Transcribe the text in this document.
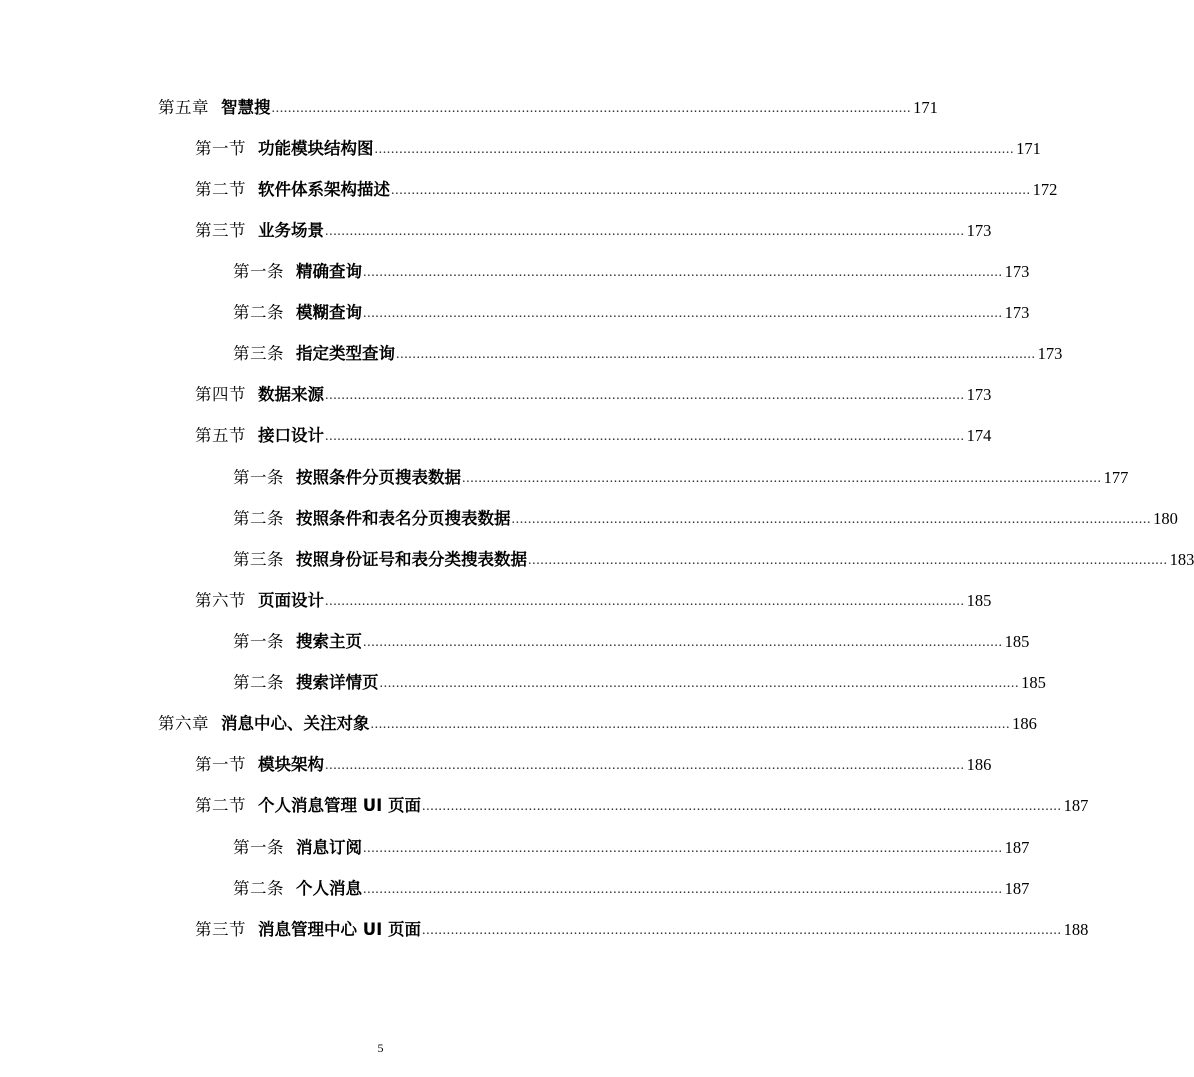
第五章 智慧搜 ............................................................................................................................................................ 171
第一节 功能模块结构图 ............................................................................................................................................................ 171
第二节 软件体系架构描述 ............................................................................................................................................................ 172
第三节 业务场景 ............................................................................................................................................................ 173
第一条 精确查询 ............................................................................................................................................................ 173
第二条 模糊查询 ............................................................................................................................................................ 173
第三条 指定类型查询 ............................................................................................................................................................ 173
第四节 数据来源 ............................................................................................................................................................ 173
第五节 接口设计 ............................................................................................................................................................ 174
第一条 按照条件分页搜表数据 ............................................................................................................................................................ 177
第二条 按照条件和表名分页搜表数据 ............................................................................................................................................................ 180
第三条 按照身份证号和表分类搜表数据 ............................................................................................................................................................ 183
第六节 页面设计 ............................................................................................................................................................ 185
第一条 搜索主页 ............................................................................................................................................................ 185
第二条 搜索详情页 ............................................................................................................................................................ 185
第六章 消息中心、关注对象 ............................................................................................................................................................ 186
第一节 模块架构 ............................................................................................................................................................ 186
第二节 个人消息管理 UI 页面 ............................................................................................................................................................ 187
第一条 消息订阅 ............................................................................................................................................................ 187
第二条 个人消息 ............................................................................................................................................................ 187
第三节 消息管理中心 UI 页面 ............................................................................................................................................................ 188
5
